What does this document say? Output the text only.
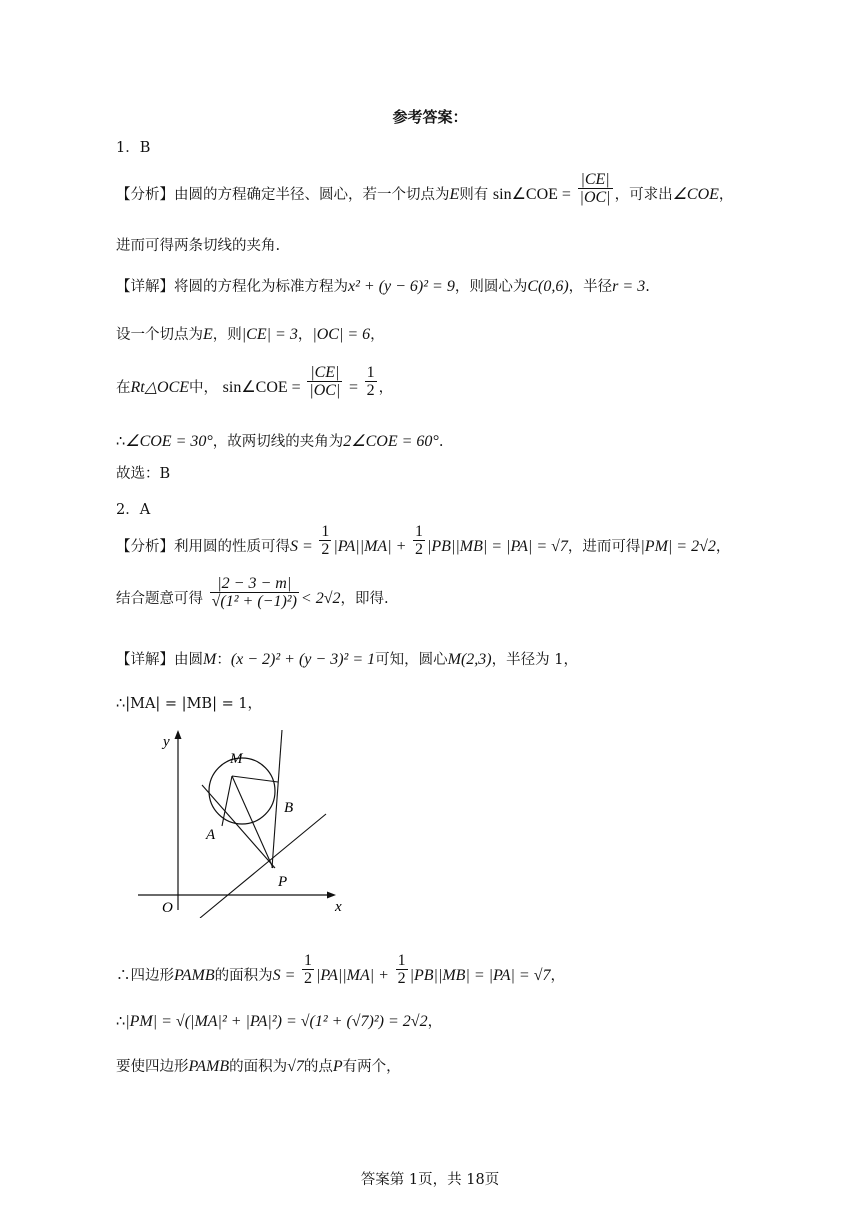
参考答案：
1．B
【分析】由圆的方程确定半径、圆心，若一个切点为E则有 sin∠COE = $\frac{|CE|}{|OC|}$ ，可求出∠COE，
进而可得两条切线的夹角.
【详解】将圆的方程化为标准方程为x² + (y − 6)² = 9，则圆心为C(0,6)，半径r = 3.
设一个切点为E，则|CE| = 3，|OC| = 6，
在Rt△OCE中， sin∠COE = $\frac{|CE|}{|OC|} = \frac{1}{2}$ ，
∴∠COE = 30°，故两切线的夹角为2∠COE = 60°.
故选：B
2．A
【分析】利用圆的性质可得$S = \frac{1}{2} |PA||MA| + \frac{1}{2} |PB||MB| = |PA| = √7$，进而可得|PM| = 2√2，
结合题意可得 $\frac{|2 - 3 - m|}{\text{√(1² + (−1)²)}} < 2√2$，即得.
【详解】由圆M：(x − 2)² + (y − 3)² = 1可知，圆心M(2,3)，半径为 1，
∴|MA| = |MB| = 1，
y
x
O
M
A
B
P
∴四边形PAMB的面积为$S = \frac{1}{2} |PA||MA| + \frac{1}{2} |PB||MB| = |PA| = √7$，
∴|PM| = √(|MA|² + |PA|²) = √(1² + (√7)²) = 2√2，
要使四边形PAMB的面积为√7的点P有两个，
答案第 1页，共 18页
